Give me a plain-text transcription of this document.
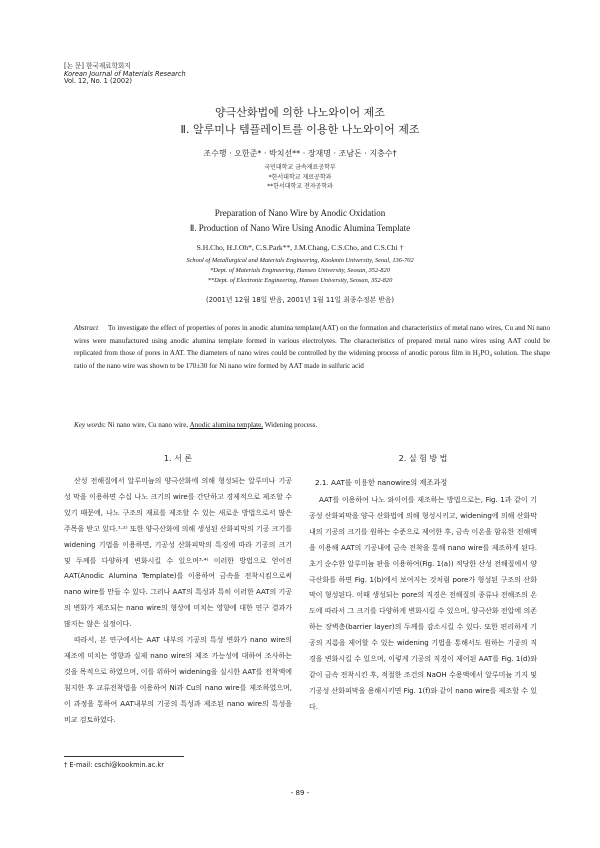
[논 문] 한국재료학회지
Korean Journal of Materials Research
Vol. 12, No. 1 (2002)
양극산화법에 의한 나노와이어 제조
Ⅱ. 알루미나 템플레이트를 이용한 나노와이어 제조
조수행 · 오한준* · 박치선** · 장재명 · 조남돈 · 지충수†
국민대학교 금속재료공학부
*한서대학교 재료공학과
**한서대학교 전자공학과
Preparation of Nano Wire by Anodic Oxidation
Ⅱ. Production of Nano Wire Using Anodic Alumina Template
S.H.Cho, H.J.Oh*, C.S.Park**, J.M.Chang, C.S.Cho, and C.S.Chi †
School of Metallurgical and Materials Engineering, Kookmin University, Seoul, 136-702
*Dept. of Materials Engineering, Hanseo University, Seosan, 352-820
**Dept. of Electronic Engineering, Hanseo University, Seosan, 352-820
(2001년 12월 18일 받음, 2001년 1월 11일 최종수정본 받음)
Abstract To investigate the effect of properties of pores in anodic alumina template(AAT) on the formation and characteristics of metal nano wires, Cu and Ni nano wires were manufactured using anodic alumina template formed in various electrolytes. The characteristics of prepared metal nano wires using AAT could be replicated from those of pores in AAT. The diameters of nano wires could be controlled by the widening process of anodic porous film in H₃PO₄ solution. The shape ratio of the nano wire was shown to be 170±30 for Ni nano wire formed by AAT made in sulfuric acid
Key words: Ni nano wire, Cu nano wire, Anodic alumina template, Widening process.
1. 서 론

산성 전해질에서 알루미늄의 양극산화에 의해 형성되는 알루미나 기공성 막을 이용하면 수십 나노 크기의 wire를 간단하고 경제적으로 제조할 수 있기 때문에, 나노 구조의 재료를 제조할 수 있는 새로운 방법으로서 많은 주목을 받고 있다.¹·²⁾ 또한 양극산화에 의해 생성된 산화피막의 기공 크기를 widening 기법을 이용하면, 기공성 산화피막의 특징에 따라 기공의 크기 및 두께를 다양하게 변화시킬 수 있으며³·⁴⁾ 이러한 방법으로 얻어진 AAT(Anodic Alumina Template)를 이용하여 금속을 전착시킴으로써 nano wire를 만들 수 있다. 그러나 AAT의 특성과 특히 이러한 AAT의 기공의 변화가 제조되는 nano wire의 형상에 미치는 영향에 대한 연구 결과가 많지는 않은 실정이다.

따라서, 본 연구에서는 AAT 내부의 기공의 특성 변화가 nano wire의 제조에 미치는 영향과 실제 nano wire의 제조 가능성에 대하여 조사하는 것을 목적으로 하였으며, 이를 위하여 widening을 실시한 AAT를 전착액에 침지한 후 교류전착법을 이용하여 Ni과 Cu의 nano wire를 제조하였으며, 이 과정을 통하여 AAT내부의 기공의 특성과 제조된 nano wire의 특성을 비교 검토하였다.

2. 실 험 방 법
2.1. AAT를 이용한 nanowire의 제조과정

AAT를 이용하여 나노 와이어를 제조하는 방법으로는, Fig. 1과 같이 기공성 산화피막을 양극 산화법에 의해 형성시키고, widening에 의해 산화막 내의 기공의 크기를 원하는 수준으로 제어한 후, 금속 이온을 함유한 전해액을 이용해 AAT의 기공내에 금속 전착을 통해 nano wire를 제조하게 된다. 초기 순수한 알루미늄 판을 이용하여(Fig. 1(a)) 적당한 산성 전해질에서 양극산화를 하면 Fig. 1(b)에서 보여지는 것처럼 pore가 형성된 구조의 산화막이 형성된다. 이때 생성되는 pore의 직경은 전해질의 종류나 전해조의 온도에 따라서 그 크기를 다양하게 변화시킬 수 있으며, 양극산화 전압에 의존하는 장벽층(barrier layer)의 두께를 감소시킬 수 있다. 또한 편리하게 기공의 지름을 제어할 수 있는 widening 기법을 통해서도 원하는 기공의 직경을 변화시킬 수 있으며, 이렇게 기공의 직경이 제어된 AAT를 Fig. 1(d)와 같이 금속 전착시킨 후, 적절한 조건의 NaOH 수용액에서 알루미늄 기지 및 기공성 산화피막을 용해시키면 Fig. 1(f)와 같이 nano wire를 제조할 수 있다.

† E-mail: cschi@kookmin.ac.kr
- 89 -
